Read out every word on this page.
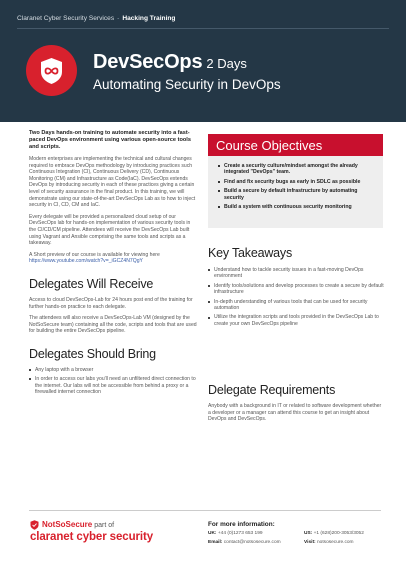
Claranet Cyber Security Services - Hacking Training
DevSecOps 2 Days
Automating Security in DevOps

Two Days hands-on training to automate security into a fast-paced DevOps environment using various open-source tools and scripts.

Modern enterprises are implementing the technical and cultural changes required to embrace DevOps methodology by introducing practices such Continuous Integration (CI), Continuous Delivery (CD), Continuous Monitoring (CM) and Infrastructure as Code(IaC). DevSecOps extends DevOps by introducing security in each of these practices giving a certain level of security assurance in the final product. In this training, we will demonstrate using our state-of-the-art DevSecOps Lab as to how to inject security in CI, CD, CM and IaC.

Every delegate will be provided a personalized cloud setup of our DevSecOps lab for hands-on implementation of various security tools in the CI/CD/CM pipeline. Attendees will receive the DevSecOps Lab built using Vagrant and Ansible comprising the same tools and scripts as a takeaway.

A Short preview of our course is available for viewing here

https://www.youtube.com/watch?v=_iGCZ4N7QgY

Delegates Will Receive

Access to cloud DevSecOps-Lab for 24 hours post end of the training for further hands-on practice to each delegate.

The attendees will also receive a DevSecOps-Lab VM (designed by the NotSoSecure team) containing all the code, scripts and tools that are used for building the entire DevSecOps pipeline.

Delegates Should Bring
Any laptop with a browser
In order to access our labs you'll need an unfiltered direct connection to the internet. Our labs will not be accessible from behind a proxy or a firewalled internet connection
Course Objectives
Create a security culture/mindset amongst the already integrated "DevOps" team.
Find and fix security bugs as early in SDLC as possible
Build a secure by default infrastructure by automating security
Build a system with continuous security monitoring
Key Takeaways
Understand how to tackle security issues in a fast-moving DevOps environment
Identify tools/solutions and develop processes to create a secure by default infrastructure
In-depth understanding of various tools that can be used for security automation
Utilize the integration scripts and tools provided in the DevSecOps Lab to create your own DevSecOps pipeline
Delegate Requirements

Anybody with a background in IT or related to software development whether a developer or a manager can attend this course to get an insight about DevOps and DevSecOps.

NotSoSecure part of
claranet cyber security
For more information:
UK: +44 (0)1273 653 199	US: +1 (628)200-3053/3052
Email: contact@notsosecure.com	Visit: notsosecure.com
